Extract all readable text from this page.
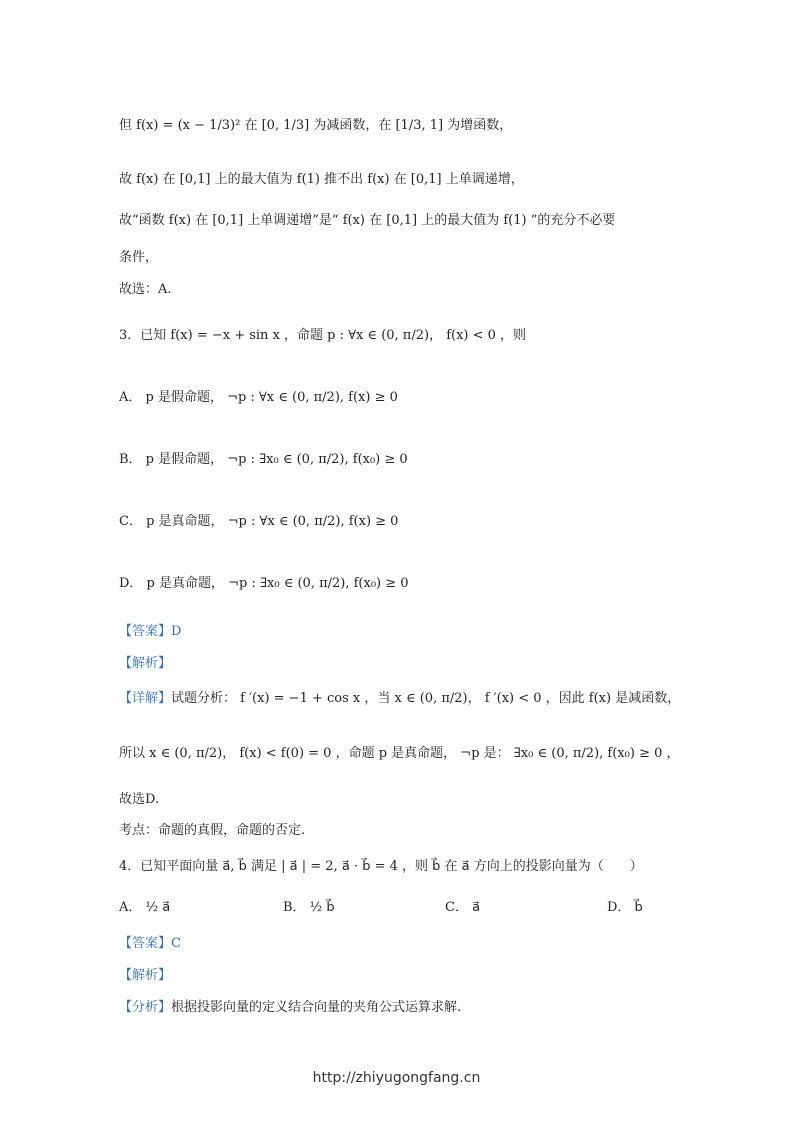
但 f(x) = (x − 1/3)² 在 [0, 1/3] 为减函数，在 [1/3, 1] 为增函数，
故 f(x) 在 [0,1] 上的最大值为 f(1) 推不出 f(x) 在 [0,1] 上单调递增，
故“函数 f(x) 在 [0,1] 上单调递增”是“ f(x) 在 [0,1] 上的最大值为 f(1) ”的充分不必要
条件，
故选：A.
3．已知 f(x) = −x + sin x ，命题 p : ∀x ∈ (0, π/2)， f(x) < 0 ，则
A． p 是假命题， ¬p : ∀x ∈ (0, π/2), f(x) ≥ 0
B． p 是假命题， ¬p : ∃x₀ ∈ (0, π/2), f(x₀) ≥ 0
C． p 是真命题， ¬p : ∀x ∈ (0, π/2), f(x) ≥ 0
D． p 是真命题， ¬p : ∃x₀ ∈ (0, π/2), f(x₀) ≥ 0
【答案】D
【解析】
【详解】试题分析： f ′(x) = −1 + cos x ，当 x ∈ (0, π/2)， f ′(x) < 0 ，因此 f(x) 是减函数，
所以 x ∈ (0, π/2)， f(x) < f(0) = 0 ，命题 p 是真命题， ¬p 是： ∃x₀ ∈ (0, π/2), f(x₀) ≥ 0 ，
故选D.
考点：命题的真假，命题的否定.
4．已知平面向量 a⃗, b⃗ 满足 | a⃗ | = 2, a⃗ · b⃗ = 4 ，则 b⃗ 在 a⃗ 方向上的投影向量为（　　）
A． ½ a⃗	B． ½ b⃗	C． a⃗	D． b⃗
【答案】C
【解析】
【分析】根据投影向量的定义结合向量的夹角公式运算求解.
http://zhiyugongfang.cn
